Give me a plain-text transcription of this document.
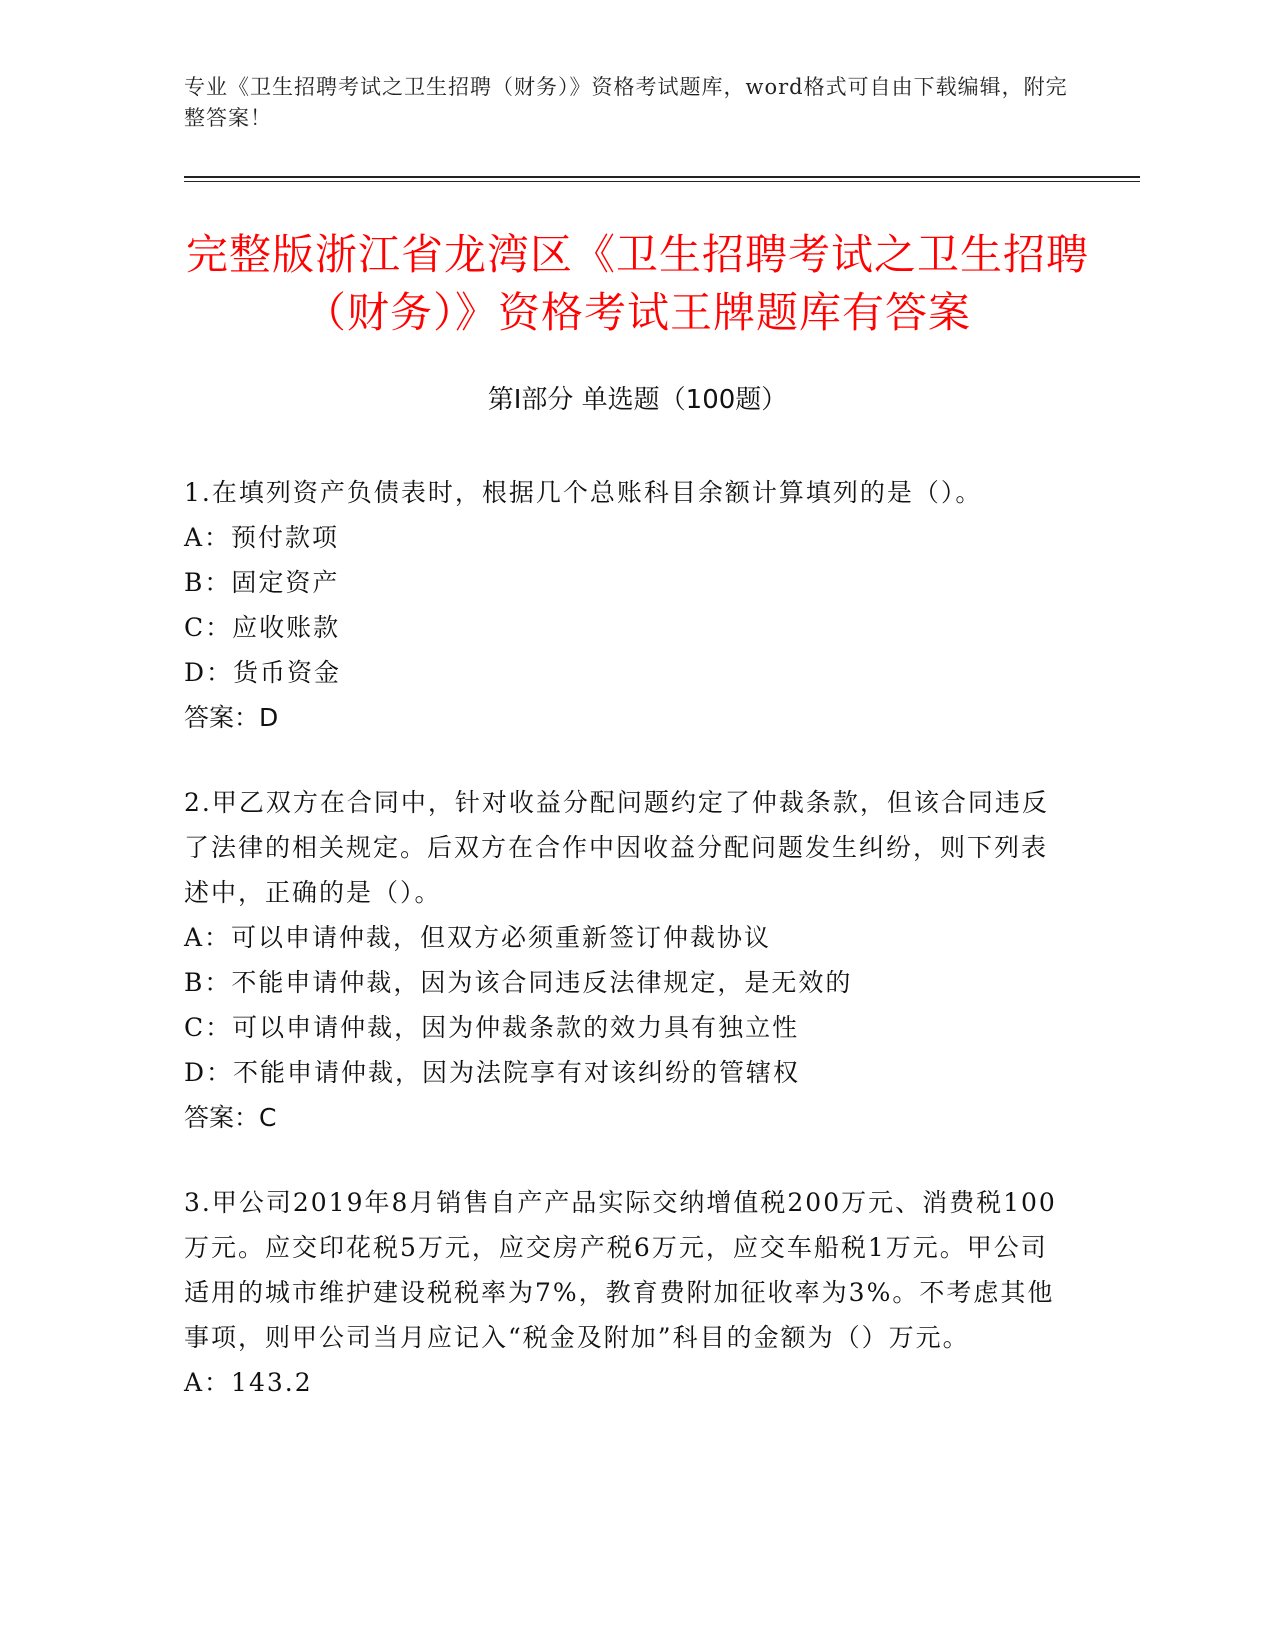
专业《卫生招聘考试之卫生招聘（财务）》资格考试题库，word格式可自由下载编辑，附完整答案！
完整版浙江省龙湾区《卫生招聘考试之卫生招聘（财务）》资格考试王牌题库有答案
第Ⅰ部分 单选题（100题）

1.在填列资产负债表时，根据几个总账科目余额计算填列的是（）。

A：预付款项

B：固定资产

C：应收账款

D：货币资金

答案：D

2.甲乙双方在合同中，针对收益分配问题约定了仲裁条款，但该合同违反了法律的相关规定。后双方在合作中因收益分配问题发生纠纷，则下列表述中，正确的是（）。

A：可以申请仲裁，但双方必须重新签订仲裁协议

B：不能申请仲裁，因为该合同违反法律规定，是无效的

C：可以申请仲裁，因为仲裁条款的效力具有独立性

D：不能申请仲裁，因为法院享有对该纠纷的管辖权

答案：C

3.甲公司2019年8月销售自产产品实际交纳增值税200万元、消费税100万元。应交印花税5万元，应交房产税6万元，应交车船税1万元。甲公司适用的城市维护建设税税率为7%，教育费附加征收率为3%。不考虑其他事项，则甲公司当月应记入“税金及附加”科目的金额为（）万元。

A：143.2
